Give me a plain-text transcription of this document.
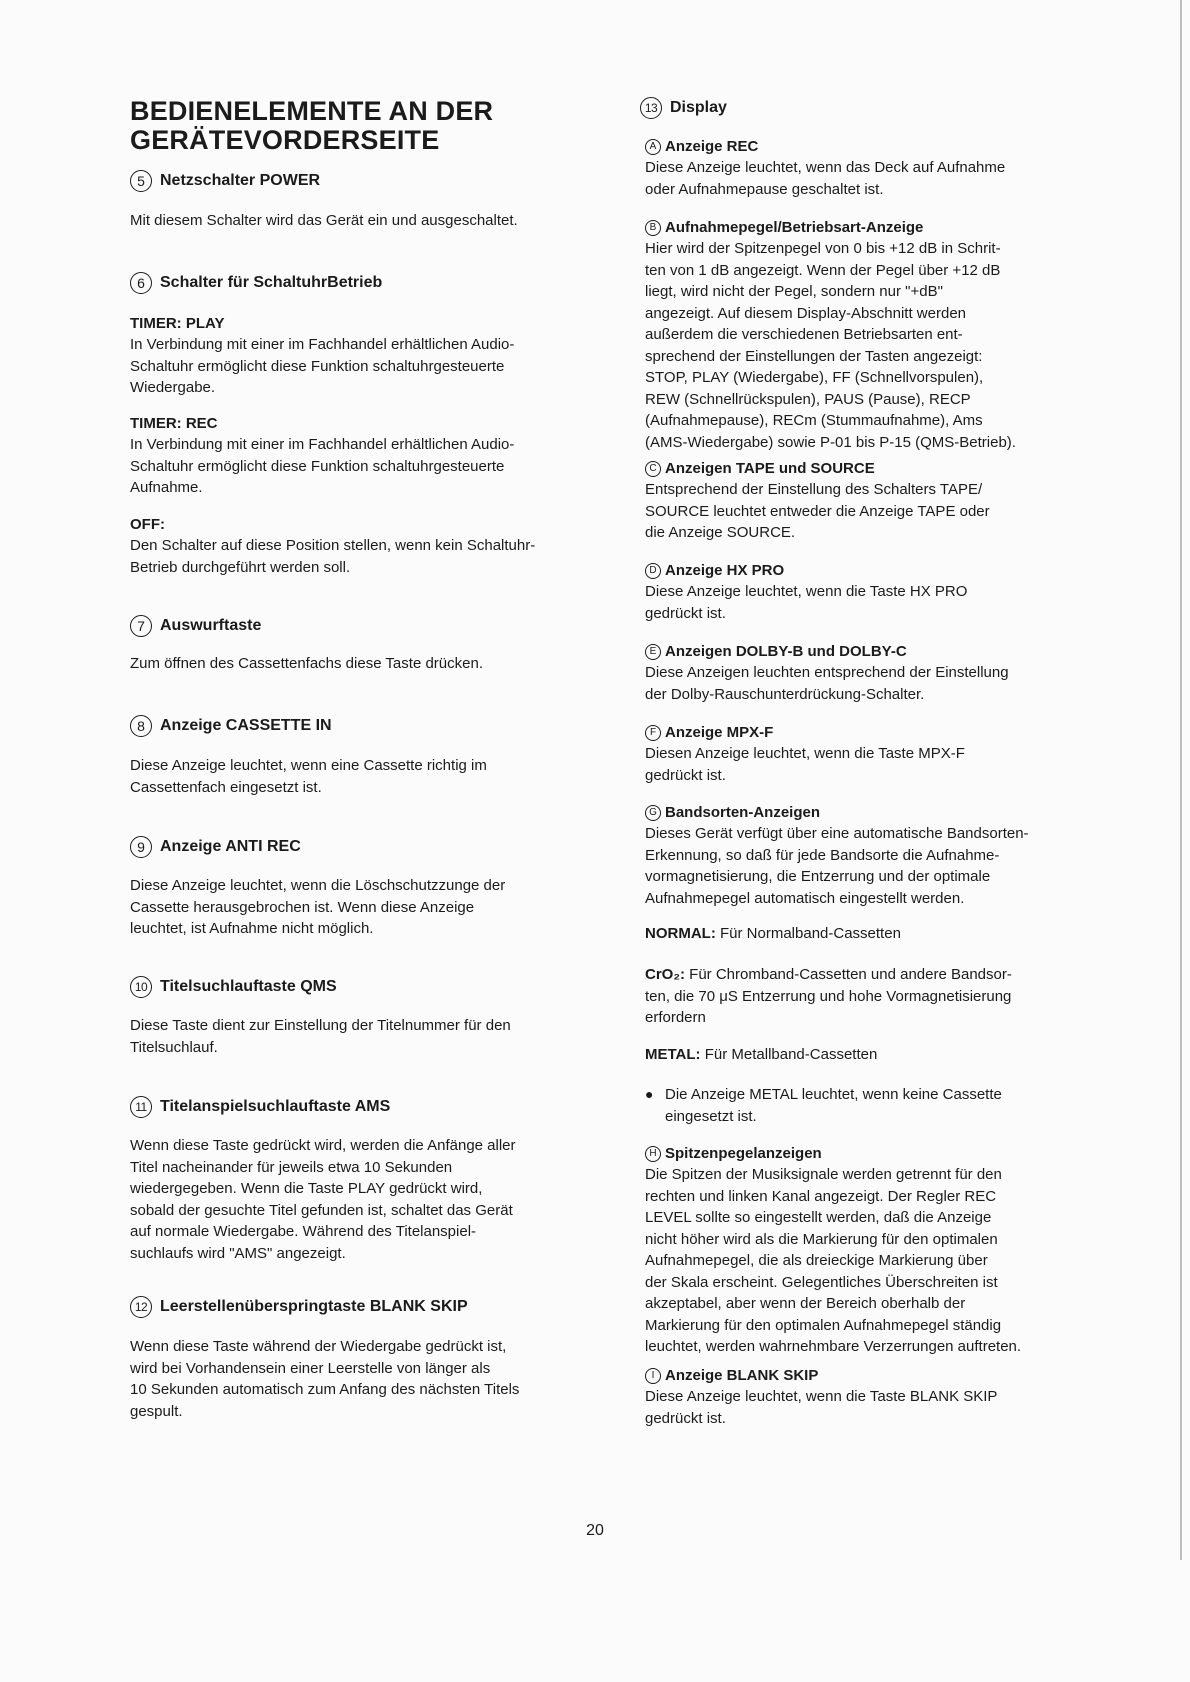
BEDIENELEMENTE AN DER
GERÄTEVORDERSEITE
5 Netzschalter POWER
Mit diesem Schalter wird das Gerät ein und ausgeschaltet.
6 Schalter für SchaltuhrBetrieb
TIMER: PLAY
In Verbindung mit einer im Fachhandel erhältlichen Audio-
Schaltuhr ermöglicht diese Funktion schaltuhrgesteuerte
Wiedergabe.
TIMER: REC
In Verbindung mit einer im Fachhandel erhältlichen Audio-
Schaltuhr ermöglicht diese Funktion schaltuhrgesteuerte
Aufnahme.
OFF:
Den Schalter auf diese Position stellen, wenn kein Schaltuhr-
Betrieb durchgeführt werden soll.
7 Auswurftaste
Zum öffnen des Cassettenfachs diese Taste drücken.
8 Anzeige CASSETTE IN
Diese Anzeige leuchtet, wenn eine Cassette richtig im
Cassettenfach eingesetzt ist.
9 Anzeige ANTI REC
Diese Anzeige leuchtet, wenn die Löschschutzzunge der
Cassette herausgebrochen ist. Wenn diese Anzeige
leuchtet, ist Aufnahme nicht möglich.
10 Titelsuchlauftaste QMS
Diese Taste dient zur Einstellung der Titelnummer für den
Titelsuchlauf.
11 Titelanspielsuchlauftaste AMS
Wenn diese Taste gedrückt wird, werden die Anfänge aller
Titel nacheinander für jeweils etwa 10 Sekunden
wiedergegeben. Wenn die Taste PLAY gedrückt wird,
sobald der gesuchte Titel gefunden ist, schaltet das Gerät
auf normale Wiedergabe. Während des Titelanspiel-
suchlaufs wird "AMS" angezeigt.
12 Leerstellenüberspringtaste BLANK SKIP
Wenn diese Taste während der Wiedergabe gedrückt ist,
wird bei Vorhandensein einer Leerstelle von länger als
10 Sekunden automatisch zum Anfang des nächsten Titels
gespult.
13 Display
A Anzeige REC
Diese Anzeige leuchtet, wenn das Deck auf Aufnahme
oder Aufnahmepause geschaltet ist.
B Aufnahmepegel/Betriebsart-Anzeige
Hier wird der Spitzenpegel von 0 bis +12 dB in Schrit-
ten von 1 dB angezeigt. Wenn der Pegel über +12 dB
liegt, wird nicht der Pegel, sondern nur "+dB"
angezeigt. Auf diesem Display-Abschnitt werden
außerdem die verschiedenen Betriebsarten ent-
sprechend der Einstellungen der Tasten angezeigt:
STOP, PLAY (Wiedergabe), FF (Schnellvorspulen),
REW (Schnellrückspulen), PAUS (Pause), RECP
(Aufnahmepause), RECm (Stummaufnahme), Ams
(AMS-Wiedergabe) sowie P-01 bis P-15 (QMS-Betrieb).
C Anzeigen TAPE und SOURCE
Entsprechend der Einstellung des Schalters TAPE/
SOURCE leuchtet entweder die Anzeige TAPE oder
die Anzeige SOURCE.
D Anzeige HX PRO
Diese Anzeige leuchtet, wenn die Taste HX PRO
gedrückt ist.
E Anzeigen DOLBY-B und DOLBY-C
Diese Anzeigen leuchten entsprechend der Einstellung
der Dolby-Rauschunterdrückung-Schalter.
F Anzeige MPX-F
Diesen Anzeige leuchtet, wenn die Taste MPX-F
gedrückt ist.
G Bandsorten-Anzeigen
Dieses Gerät verfügt über eine automatische Bandsorten-
Erkennung, so daß für jede Bandsorte die Aufnahme-
vormagnetisierung, die Entzerrung und der optimale
Aufnahmepegel automatisch eingestellt werden.
NORMAL: Für Normalband-Cassetten
CrO₂: Für Chromband-Cassetten und andere Bandsor-
ten, die 70 μS Entzerrung und hohe Vormagnetisierung
erfordern
METAL: Für Metallband-Cassetten
● Die Anzeige METAL leuchtet, wenn keine Cassette
eingesetzt ist.
H Spitzenpegelanzeigen
Die Spitzen der Musiksignale werden getrennt für den
rechten und linken Kanal angezeigt. Der Regler REC
LEVEL sollte so eingestellt werden, daß die Anzeige
nicht höher wird als die Markierung für den optimalen
Aufnahmepegel, die als dreieckige Markierung über
der Skala erscheint. Gelegentliches Überschreiten ist
akzeptabel, aber wenn der Bereich oberhalb der
Markierung für den optimalen Aufnahmepegel ständig
leuchtet, werden wahrnehmbare Verzerrungen auftreten.
I Anzeige BLANK SKIP
Diese Anzeige leuchtet, wenn die Taste BLANK SKIP
gedrückt ist.
20
